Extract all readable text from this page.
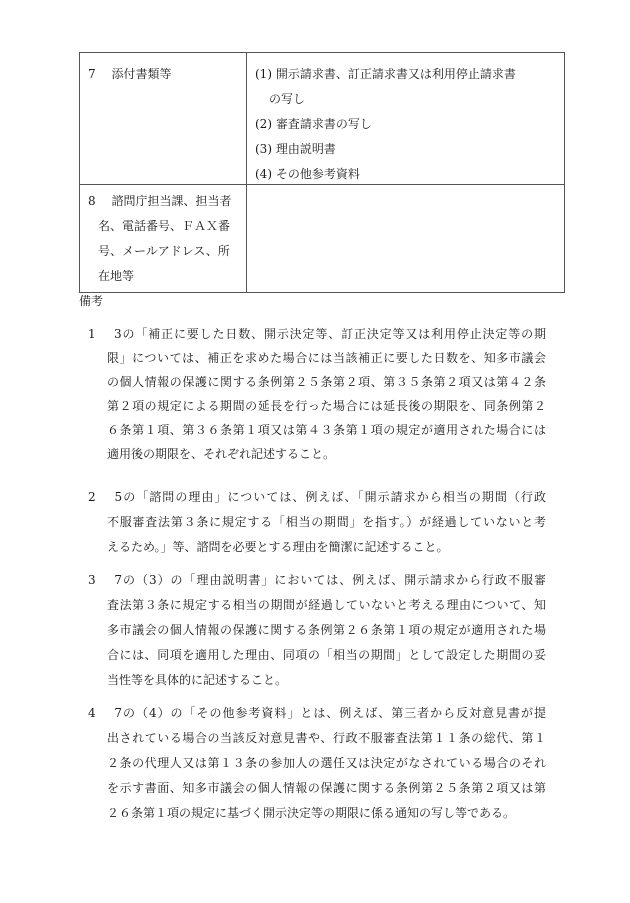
7　 添付書類等	(1) 開示請求書、訂正請求書又は利用停止請求書
の写し
(2) 審査請求書の写し
(3) 理由説明書
(4) その他参考資料

8　 諮問庁担当課、担当者
名、電話番号、ＦＡＸ番
号、メールアドレス、所
在地等	

備考
1　 3の「補正に要した日数、開示決定等、訂正決定等又は利用停止決定等の期
限」については、補正を求めた場合には当該補正に要した日数を、知多市議会
の個人情報の保護に関する条例第２５条第２項、第３５条第２項又は第４２条
第２項の規定による期間の延長を行った場合には延長後の期限を、同条例第２
６条第１項、第３６条第１項又は第４３条第１項の規定が適用された場合には
適用後の期限を、それぞれ記述すること。
2　 5の「諮問の理由」については、例えば、「開示請求から相当の期間（行政
不服審査法第３条に規定する「相当の期間」を指す。）が経過していないと考
えるため。」等、諮問を必要とする理由を簡潔に記述すること。
3　 7の（3）の「理由説明書」においては、例えば、開示請求から行政不服審
査法第３条に規定する相当の期間が経過していないと考える理由について、知
多市議会の個人情報の保護に関する条例第２６条第１項の規定が適用された場
合には、同項を適用した理由、同項の「相当の期間」として設定した期間の妥
当性等を具体的に記述すること。
4　 7の（4）の「その他参考資料」とは、例えば、第三者から反対意見書が提
出されている場合の当該反対意見書や、行政不服審査法第１１条の総代、第１
２条の代理人又は第１３条の参加人の選任又は決定がなされている場合のそれ
を示す書面、知多市議会の個人情報の保護に関する条例第２５条第２項又は第
２６条第１項の規定に基づく開示決定等の期限に係る通知の写し等である。
